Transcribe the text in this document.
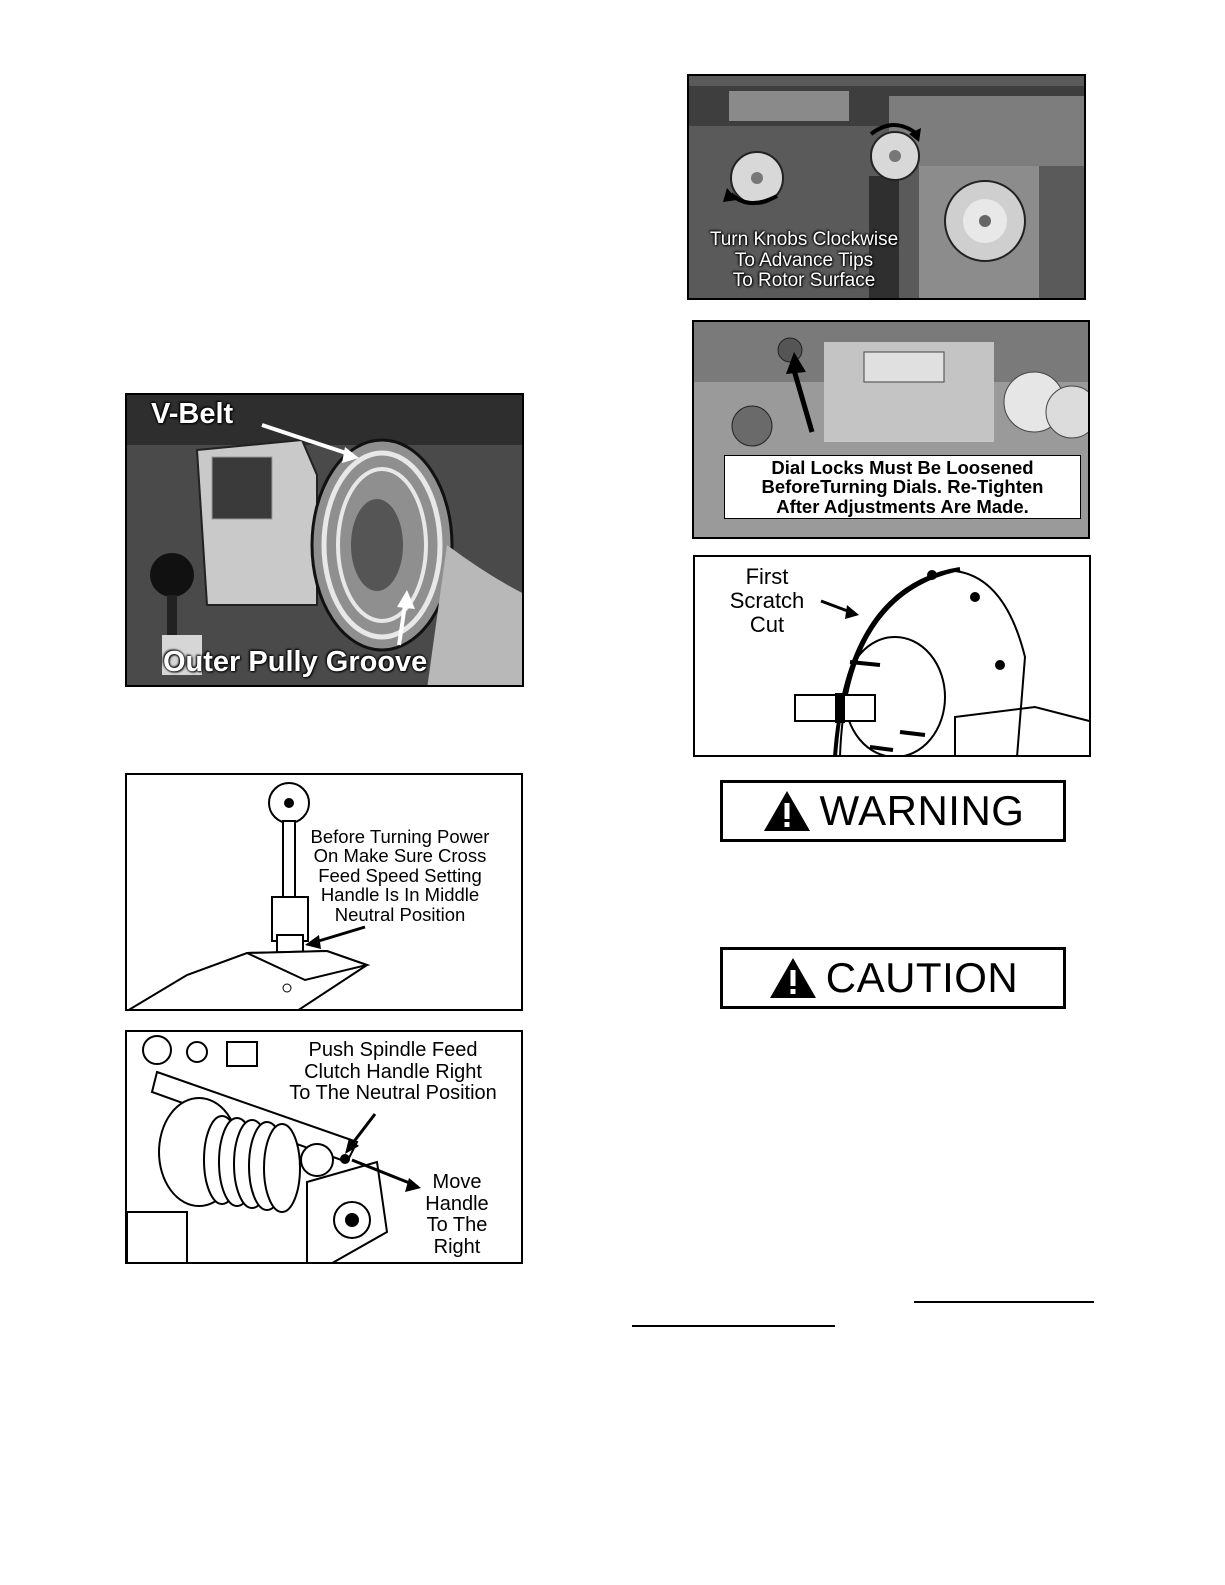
Turn Knobs Clockwise
To Advance Tips
To Rotor Surface
Dial Locks Must Be Loosened
BeforeTurning Dials. Re-Tighten
After Adjustments Are Made.
V-Belt
Outer Pully Groove
First
Scratch
Cut
WARNING
CAUTION
Before Turning Power
On Make Sure Cross
Feed Speed Setting
Handle Is In Middle
Neutral Position
Push Spindle Feed
Clutch Handle Right
To The Neutral Position
Move
Handle
To The
Right
